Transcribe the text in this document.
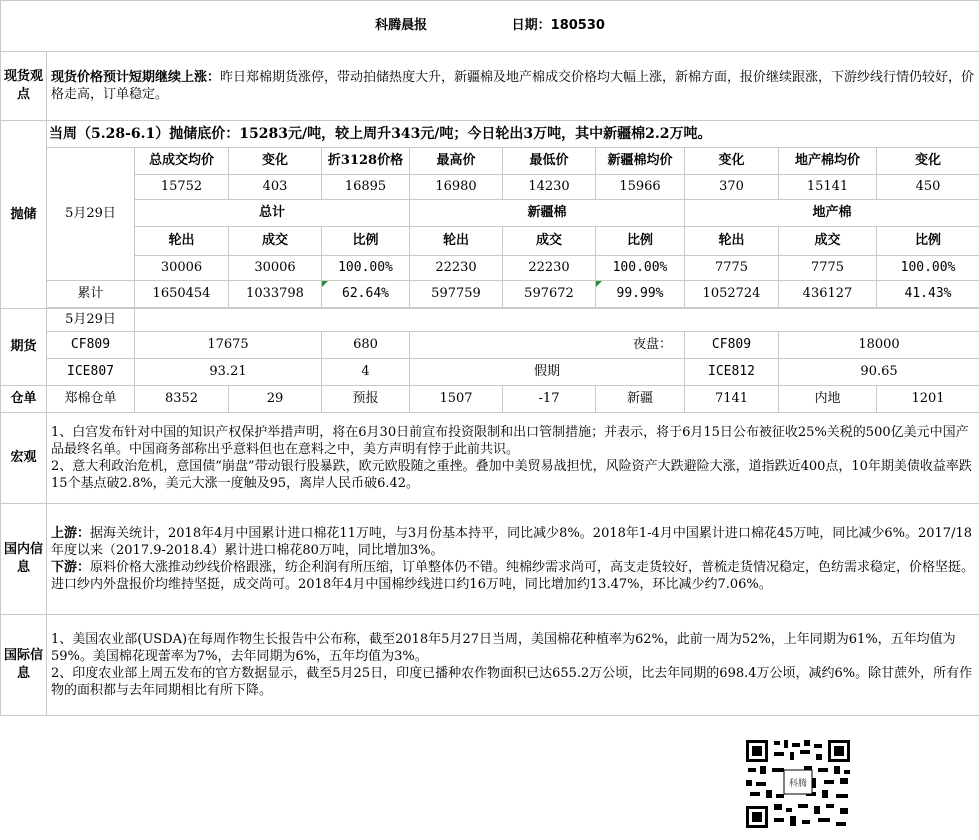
科腾晨报 日期：180530											
现货观点	现货价格预计短期继续上涨：昨日郑棉期货涨停，带动拍储热度大升，新疆棉及地产棉成交价格均大幅上涨，新棉方面，报价继续跟涨，下游纱线行情仍较好，价格走高，订单稳定。										
抛储	当周（5.28-6.1）抛储底价：15283元/吨，较上周升343元/吨；今日轮出3万吨，其中新疆棉2.2万吨。										
	5月29日	总成交均价	变化	折3128价格	最高价	最低价	新疆棉均价	变化	地产棉均价	变化	
		15752	403	16895	16980	14230	15966	370	15141	450	
		总计			新疆棉			地产棉			
		轮出	成交	比例	轮出	成交	比例	轮出	成交	比例	
		30006	30006	100.00%	22230	22230	100.00%	7775	7775	100.00%	
	累计	1650454	1033798	62.64%	597759	597672	99.99%	1052724	436127	41.43%	

期货	5月29日										
	CF809	17675		680	夜盘：			CF809	18000	
	ICE807	93.21		4	假期			ICE812	90.65	
仓单	郑棉仓单	8352	29	预报	1507	-17	新疆	7141	内地	1201	
宏观	1、白宫发布针对中国的知识产权保护举措声明，将在6月30日前宣布投资限制和出口管制措施；并表示，将于6月15日公布被征收25%关税的500亿美元中国产品最终名单。中国商务部称出乎意料但也在意料之中，美方声明有悖于此前共识。
2、意大利政治危机，意国债“崩盘”带动银行股暴跌，欧元欧股随之重挫。叠加中美贸易战担忧，风险资产大跌避险大涨，道指跌近400点，10年期美债收益率跌15个基点破2.8%，美元大涨一度触及95，离岸人民币破6.42。										

国内信息	上游：据海关统计，2018年4月中国累计进口棉花11万吨，与3月份基本持平，同比减少8%。2018年1-4月中国累计进口棉花45万吨，同比减少6%。2017/18年度以来（2017.9-2018.4）累计进口棉花80万吨，同比增加3%。
下游：原料价格大涨推动纱线价格跟涨，纺企利润有所压缩，订单整体仍不错。纯棉纱需求尚可，高支走货较好，普梳走货情况稳定，色纺需求稳定，价格坚挺。进口纱内外盘报价均维持坚挺，成交尚可。2018年4月中国棉纱线进口约16万吨，同比增加约13.47%，环比减少约7.06%。										

国际信息	1、美国农业部(USDA)在每周作物生长报告中公布称，截至2018年5月27日当周，美国棉花种植率为62%，此前一周为52%，上年同期为61%，五年均值为59%。美国棉花现蕾率为7%，去年同期为6%，五年均值为3%。
2、印度农业部上周五发布的官方数据显示，截至5月25日，印度已播种农作物面积已达655.2万公顷，比去年同期的698.4万公顷，减约6%。除甘蔗外，所有作物的面积都与去年同期相比有所下降。										
科腾
